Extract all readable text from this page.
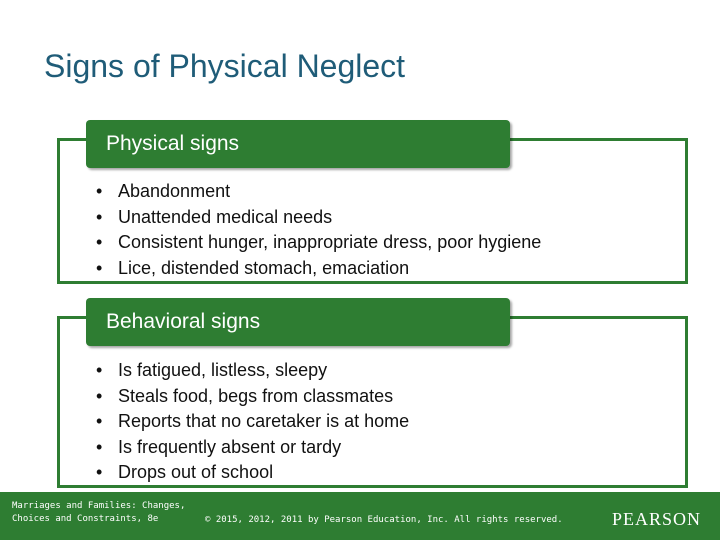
Signs of Physical Neglect
Physical signs
• Abandonment
• Unattended medical needs
• Consistent hunger, inappropriate dress, poor hygiene
• Lice, distended stomach, emaciation
Behavioral signs
• Is fatigued, listless, sleepy
• Steals food, begs from classmates
• Reports that no caretaker is at home
• Is frequently absent or tardy
• Drops out of school
Marriages and Families: Changes,
Choices and Constraints, 8e	© 2015, 2012, 2011 by Pearson Education, Inc. All rights reserved.	PEARSON
